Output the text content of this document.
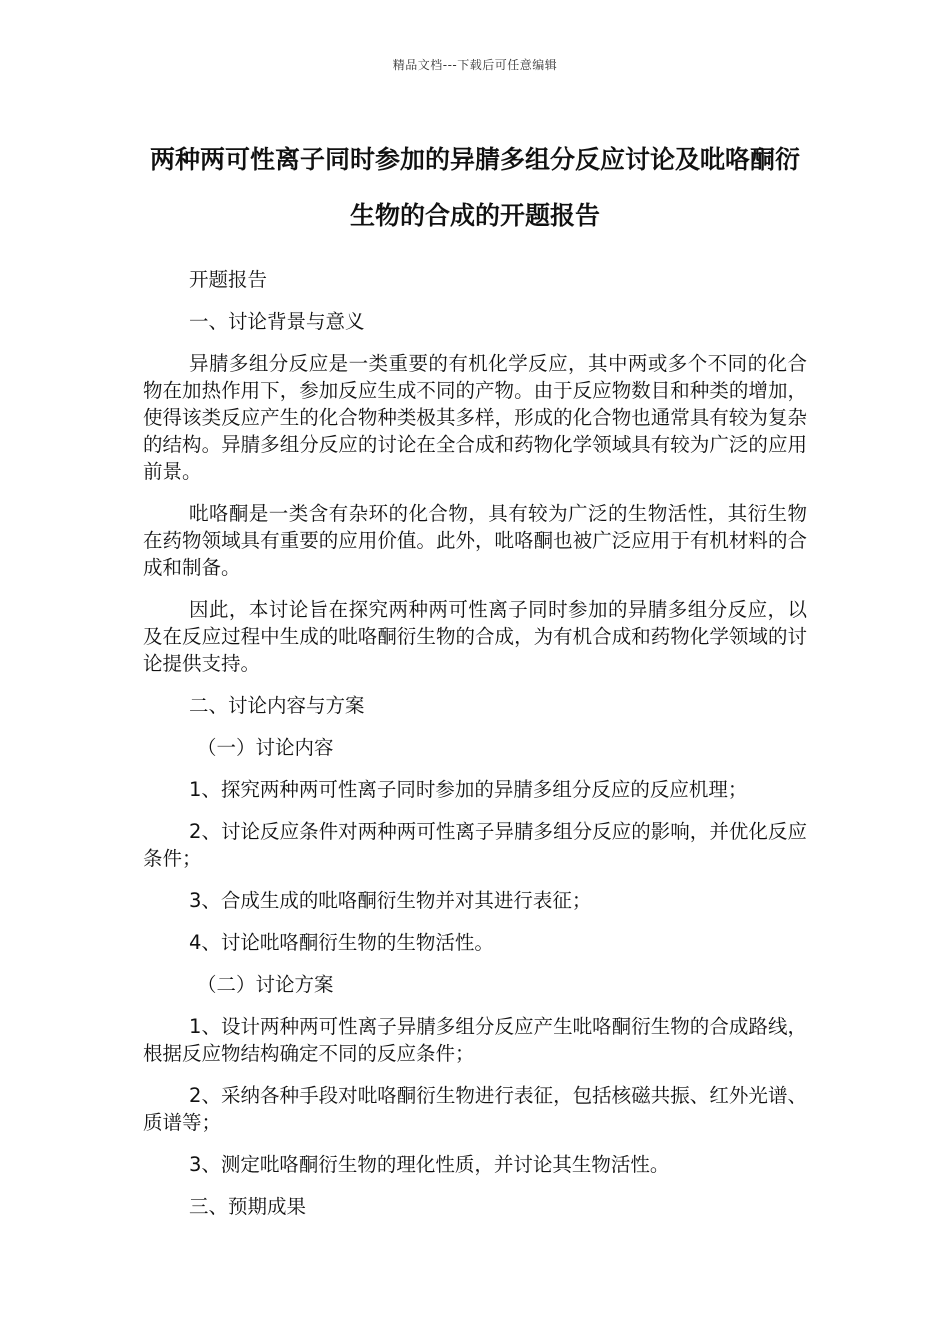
精品文档---下载后可任意编辑
两种两可性离子同时参加的异腈多组分反应讨论及吡咯酮衍生物的合成的开题报告

开题报告

一、讨论背景与意义

异腈多组分反应是一类重要的有机化学反应，其中两或多个不同的化合物在加热作用下，参加反应生成不同的产物。由于反应物数目和种类的增加，使得该类反应产生的化合物种类极其多样，形成的化合物也通常具有较为复杂的结构。异腈多组分反应的讨论在全合成和药物化学领域具有较为广泛的应用前景。

吡咯酮是一类含有杂环的化合物，具有较为广泛的生物活性，其衍生物在药物领域具有重要的应用价值。此外，吡咯酮也被广泛应用于有机材料的合成和制备。

因此，本讨论旨在探究两种两可性离子同时参加的异腈多组分反应，以及在反应过程中生成的吡咯酮衍生物的合成，为有机合成和药物化学领域的讨论提供支持。

二、讨论内容与方案

（一）讨论内容

1、探究两种两可性离子同时参加的异腈多组分反应的反应机理；

2、讨论反应条件对两种两可性离子异腈多组分反应的影响，并优化反应条件；

3、合成生成的吡咯酮衍生物并对其进行表征；

4、讨论吡咯酮衍生物的生物活性。

（二）讨论方案

1、设计两种两可性离子异腈多组分反应产生吡咯酮衍生物的合成路线，根据反应物结构确定不同的反应条件；

2、采纳各种手段对吡咯酮衍生物进行表征，包括核磁共振、红外光谱、质谱等；

3、测定吡咯酮衍生物的理化性质，并讨论其生物活性。

三、预期成果
